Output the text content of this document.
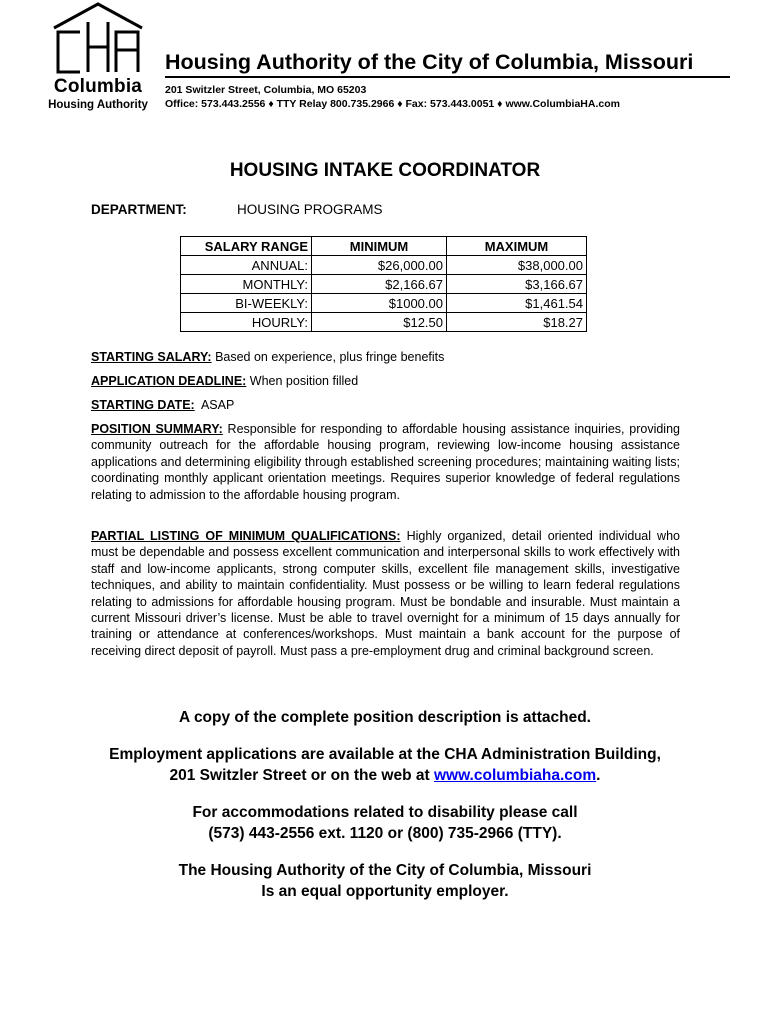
Columbia
Housing Authority
Housing Authority of the City of Columbia, Missouri
201 Switzler Street, Columbia, MO 65203
Office: 573.443.2556 ♦ TTY Relay 800.735.2966 ♦ Fax: 573.443.0051 ♦ www.ColumbiaHA.com
HOUSING INTAKE COORDINATOR
DEPARTMENT:	HOUSING PROGRAMS
SALARY RANGE	MINIMUM	MAXIMUM
ANNUAL:	$26,000.00	$38,000.00
MONTHLY:	$2,166.67	$3,166.67
BI-WEEKLY:	$1000.00	$1,461.54
HOURLY:	$12.50	$18.27
STARTING SALARY: Based on experience, plus fringe benefits
APPLICATION DEADLINE: When position filled
STARTING DATE:  ASAP
POSITION SUMMARY: Responsible for responding to affordable housing assistance inquiries, providing community outreach for the affordable housing program, reviewing low-income housing assistance applications and determining eligibility through established screening procedures; maintaining waiting lists; coordinating monthly applicant orientation meetings. Requires superior knowledge of federal regulations relating to admission to the affordable housing program.
PARTIAL LISTING OF MINIMUM QUALIFICATIONS: Highly organized, detail oriented individual who must be dependable and possess excellent communication and interpersonal skills to work effectively with staff and low-income applicants, strong computer skills, excellent file management skills, investigative techniques, and ability to maintain confidentiality. Must possess or be willing to learn federal regulations relating to admissions for affordable housing program. Must be bondable and insurable. Must maintain a current Missouri driver’s license. Must be able to travel overnight for a minimum of 15 days annually for training or attendance at conferences/workshops. Must maintain a bank account for the purpose of receiving direct deposit of payroll. Must pass a pre-employment drug and criminal background screen.
A copy of the complete position description is attached.
Employment applications are available at the CHA Administration Building,
201 Switzler Street or on the web at www.columbiaha.com.
For accommodations related to disability please call
(573) 443-2556 ext. 1120 or (800) 735-2966 (TTY).
The Housing Authority of the City of Columbia, Missouri
Is an equal opportunity employer.
